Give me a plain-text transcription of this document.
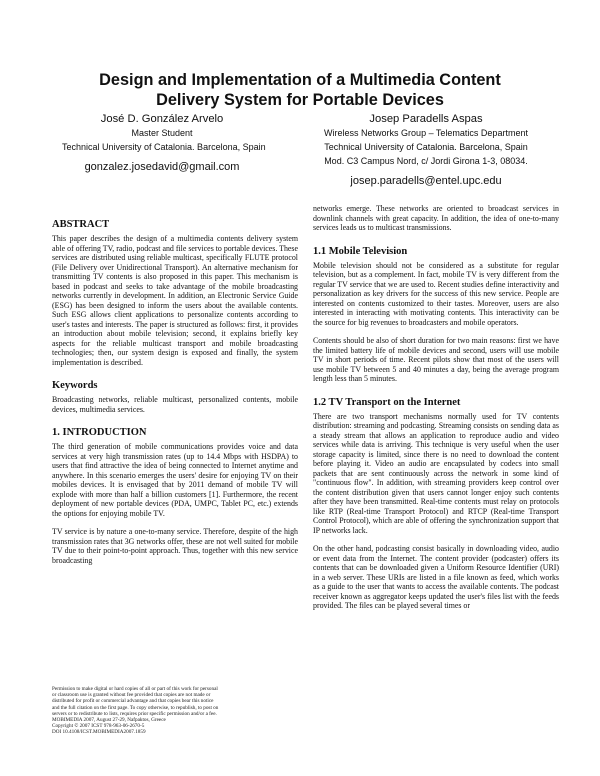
Design and Implementation of a Multimedia Content
Delivery System for Portable Devices
José D. González Arvelo
Master Student
Technical University of Catalonia. Barcelona, Spain
gonzalez.josedavid@gmail.com
Josep Paradells Aspas
Wireless Networks Group – Telematics Department
Technical University of Catalonia. Barcelona, Spain
Mod. C3 Campus Nord, c/ Jordi Girona 1-3, 08034.
josep.paradells@entel.upc.edu
ABSTRACT

This paper describes the design of a multimedia contents delivery system able of offering TV, radio, podcast and file services to portable devices. These services are distributed using reliable multicast, specifically FLUTE protocol (File Delivery over Unidirectional Transport). An alternative mechanism for transmitting TV contents is also proposed in this paper. This mechanism is based in podcast and seeks to take advantage of the mobile broadcasting networks currently in development. In addition, an Electronic Service Guide (ESG) has been designed to inform the users about the available contents. Such ESG allows client applications to personalize contents according to user's tastes and interests. The paper is structured as follows: first, it provides an introduction about mobile television; second, it explains briefly key aspects for the reliable multicast transport and mobile broadcasting technologies; then, our system design is exposed and finally, the system implementation is described.

Keywords

Broadcasting networks, reliable multicast, personalized contents, mobile devices, multimedia services.

1. INTRODUCTION

The third generation of mobile communications provides voice and data services at very high transmission rates (up to 14.4 Mbps with HSDPA) to users that find attractive the idea of being connected to Internet anytime and anywhere. In this scenario emerges the users' desire for enjoying TV on their mobiles devices. It is envisaged that by 2011 demand of mobile TV will explode with more than half a billion customers [1]. Furthermore, the recent deployment of new portable devices (PDA, UMPC, Tablet PC, etc.) extends the options for enjoying mobile TV.

TV service is by nature a one-to-many service. Therefore, despite of the high transmission rates that 3G networks offer, these are not well suited for mobile TV due to their point-to-point approach. Thus, together with this new service broadcasting

Permission to make digital or hard copies of all or part of this work for personal

or classroom use is granted without fee provided that copies are not made or

distributed for profit or commercial advantage and that copies bear this notice

and the full citation on the first page. To copy otherwise, to republish, to post on

servers or to redistribute to lists, requires prior specific permission and/or a fee.

MOBIMEDIA 2007, August 27-29, Nafpaktos, Greece

Copyright © 2007 ICST 978-963-06-2670-5

DOI 10.4108/ICST.MOBIMEDIA2007.1859

networks emerge. These networks are oriented to broadcast services in downlink channels with great capacity. In addition, the idea of one-to-many services leads us to multicast transmissions.

1.1 Mobile Television

Mobile television should not be considered as a substitute for regular television, but as a complement. In fact, mobile TV is very different from the regular TV service that we are used to. Recent studies define interactivity and personalization as key drivers for the success of this new service. People are interested on contents customized to their tastes. Moreover, users are also interested in interacting with motivating contents. This interactivity can be the source for big revenues to broadcasters and mobile operators.

Contents should be also of short duration for two main reasons: first we have the limited battery life of mobile devices and second, users will use mobile TV in short periods of time. Recent pilots show that most of the users will use mobile TV between 5 and 40 minutes a day, being the average program length less than 5 minutes.

1.2 TV Transport on the Internet

There are two transport mechanisms normally used for TV contents distribution: streaming and podcasting. Streaming consists on sending data as a steady stream that allows an application to reproduce audio and video services while data is arriving. This technique is very useful when the user storage capacity is limited, since there is no need to download the content before playing it. Video an audio are encapsulated by codecs into small packets that are sent continuously across the network in some kind of "continuous flow". In addition, with streaming providers keep control over the content distribution given that users cannot longer enjoy such contents after they have been transmitted. Real-time contents must relay on protocols like RTP (Real-time Transport Protocol) and RTCP (Real-time Transport Control Protocol), which are able of offering the synchronization support that IP networks lack.

On the other hand, podcasting consist basically in downloading video, audio or event data from the Internet. The content provider (podcaster) offers its contents that can be downloaded given a Uniform Resource Identifier (URI) in a web server. These URIs are listed in a file known as feed, which works as a guide to the user that wants to access the available contents. The podcast receiver known as aggregator keeps updated the user's files list with the feeds provided. The files can be played several times or
